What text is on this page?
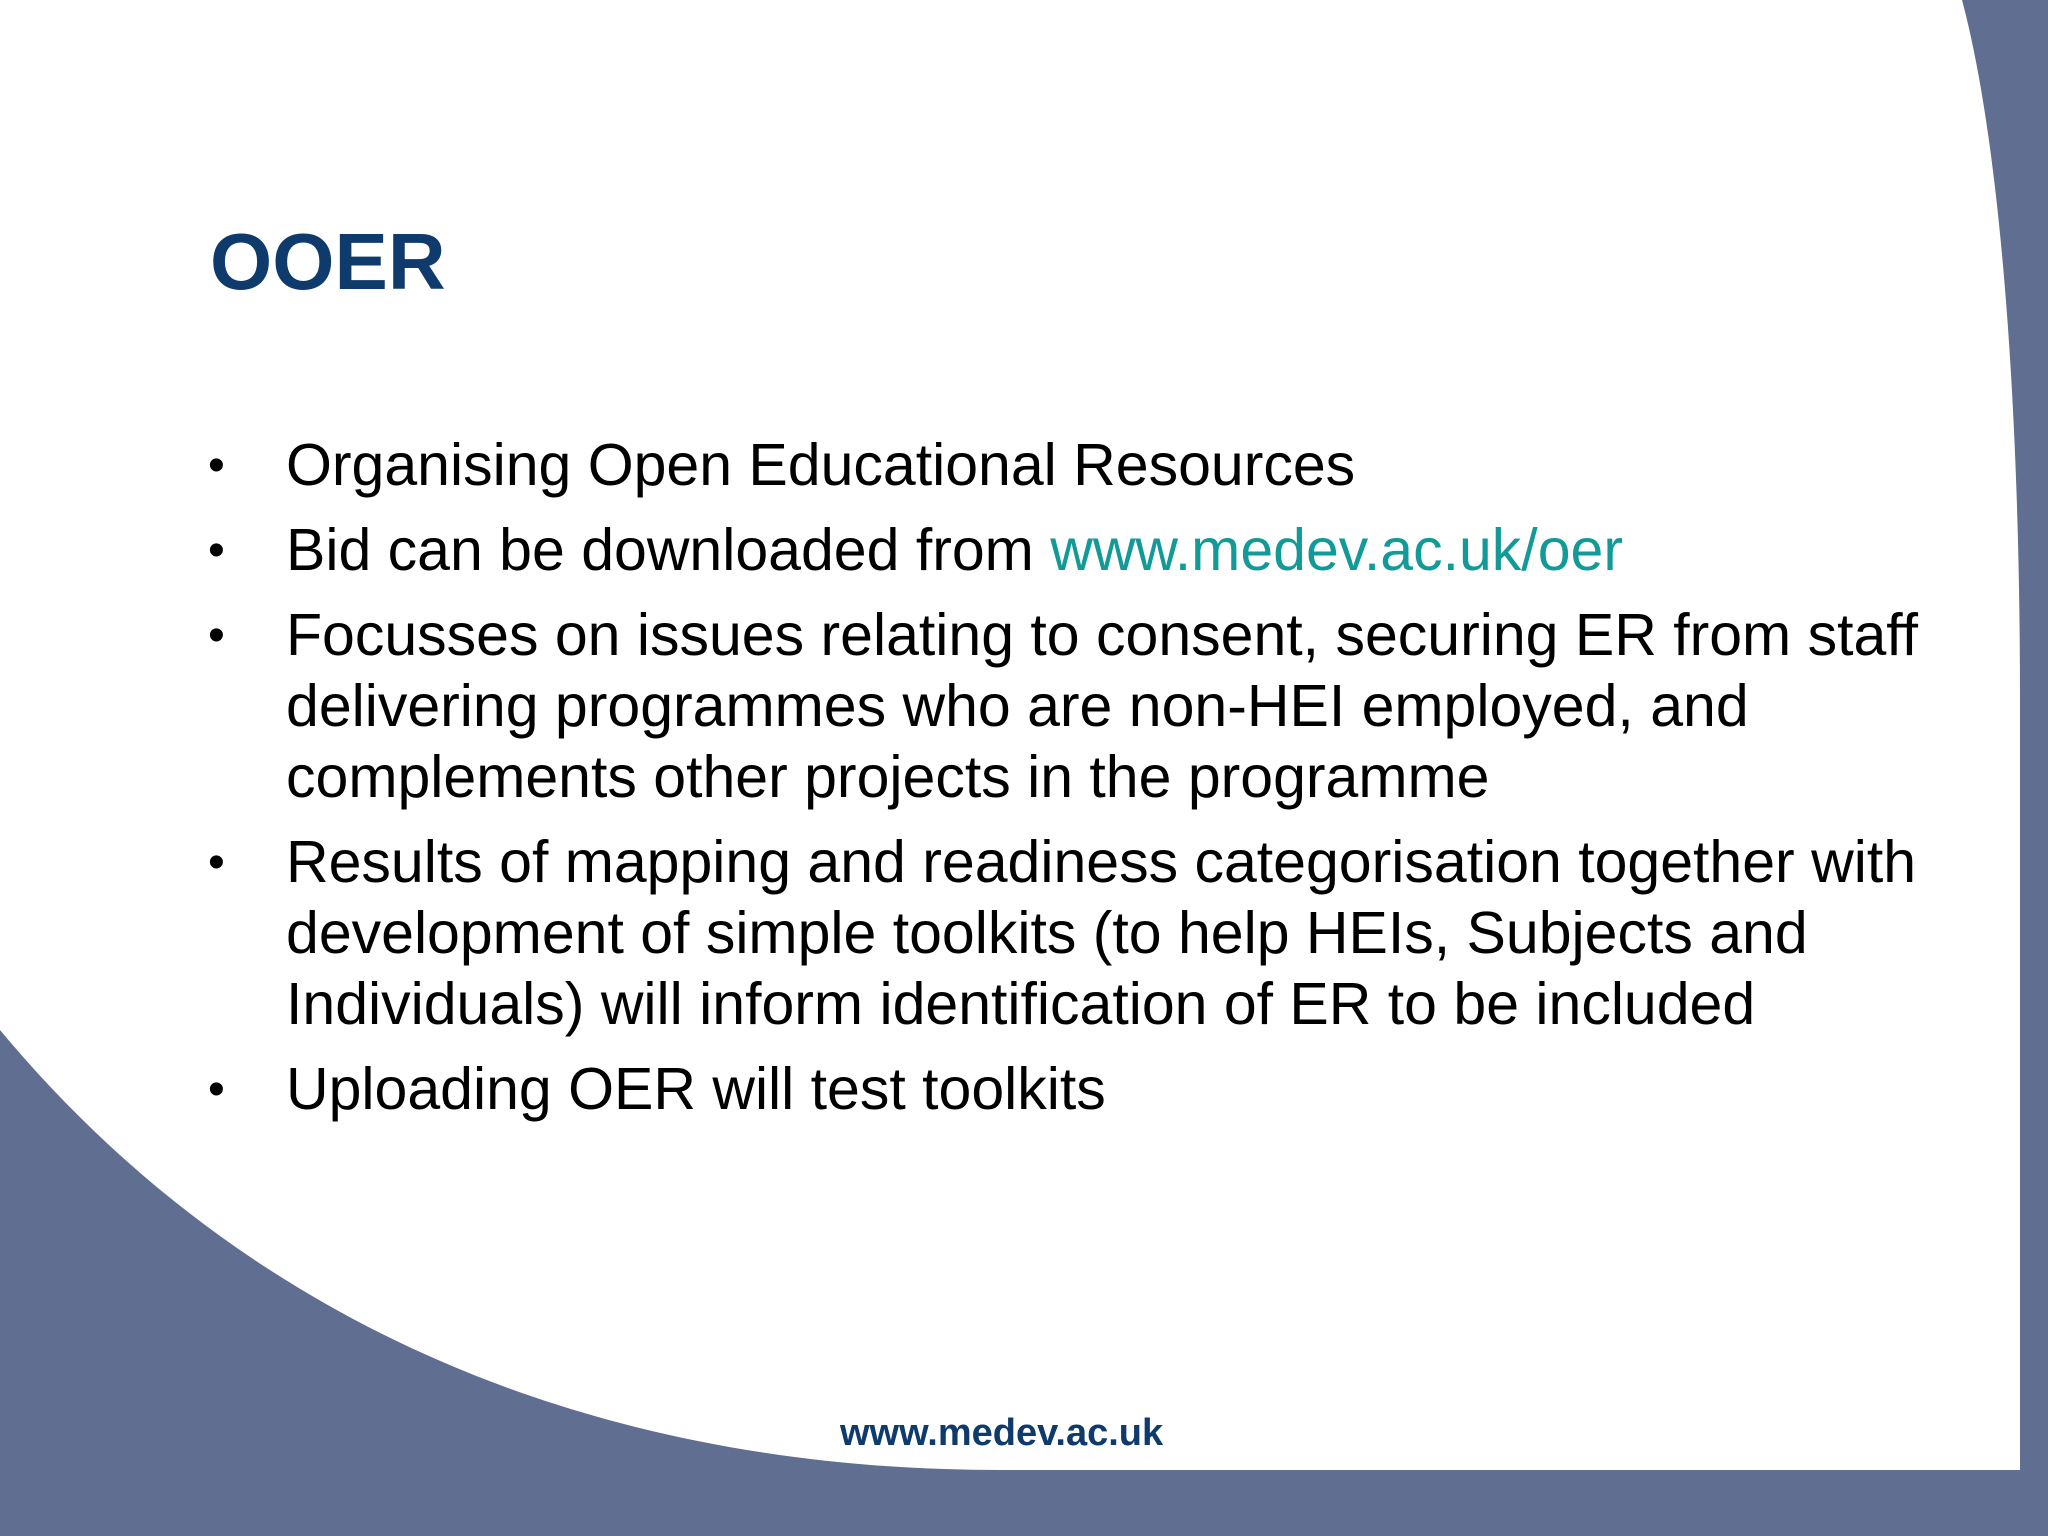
OOER
•	Organising Open Educational Resources
•	Bid can be downloaded from www.medev.ac.uk/oer
•	Focusses on issues relating to consent, securing ER from staff delivering programmes who are non-HEI employed, and complements other projects in the programme
•	Results of mapping and readiness categorisation together with development of simple toolkits (to help HEIs, Subjects and Individuals) will inform identification of ER to be included
•	Uploading OER will test toolkits
www.medev.ac.uk
